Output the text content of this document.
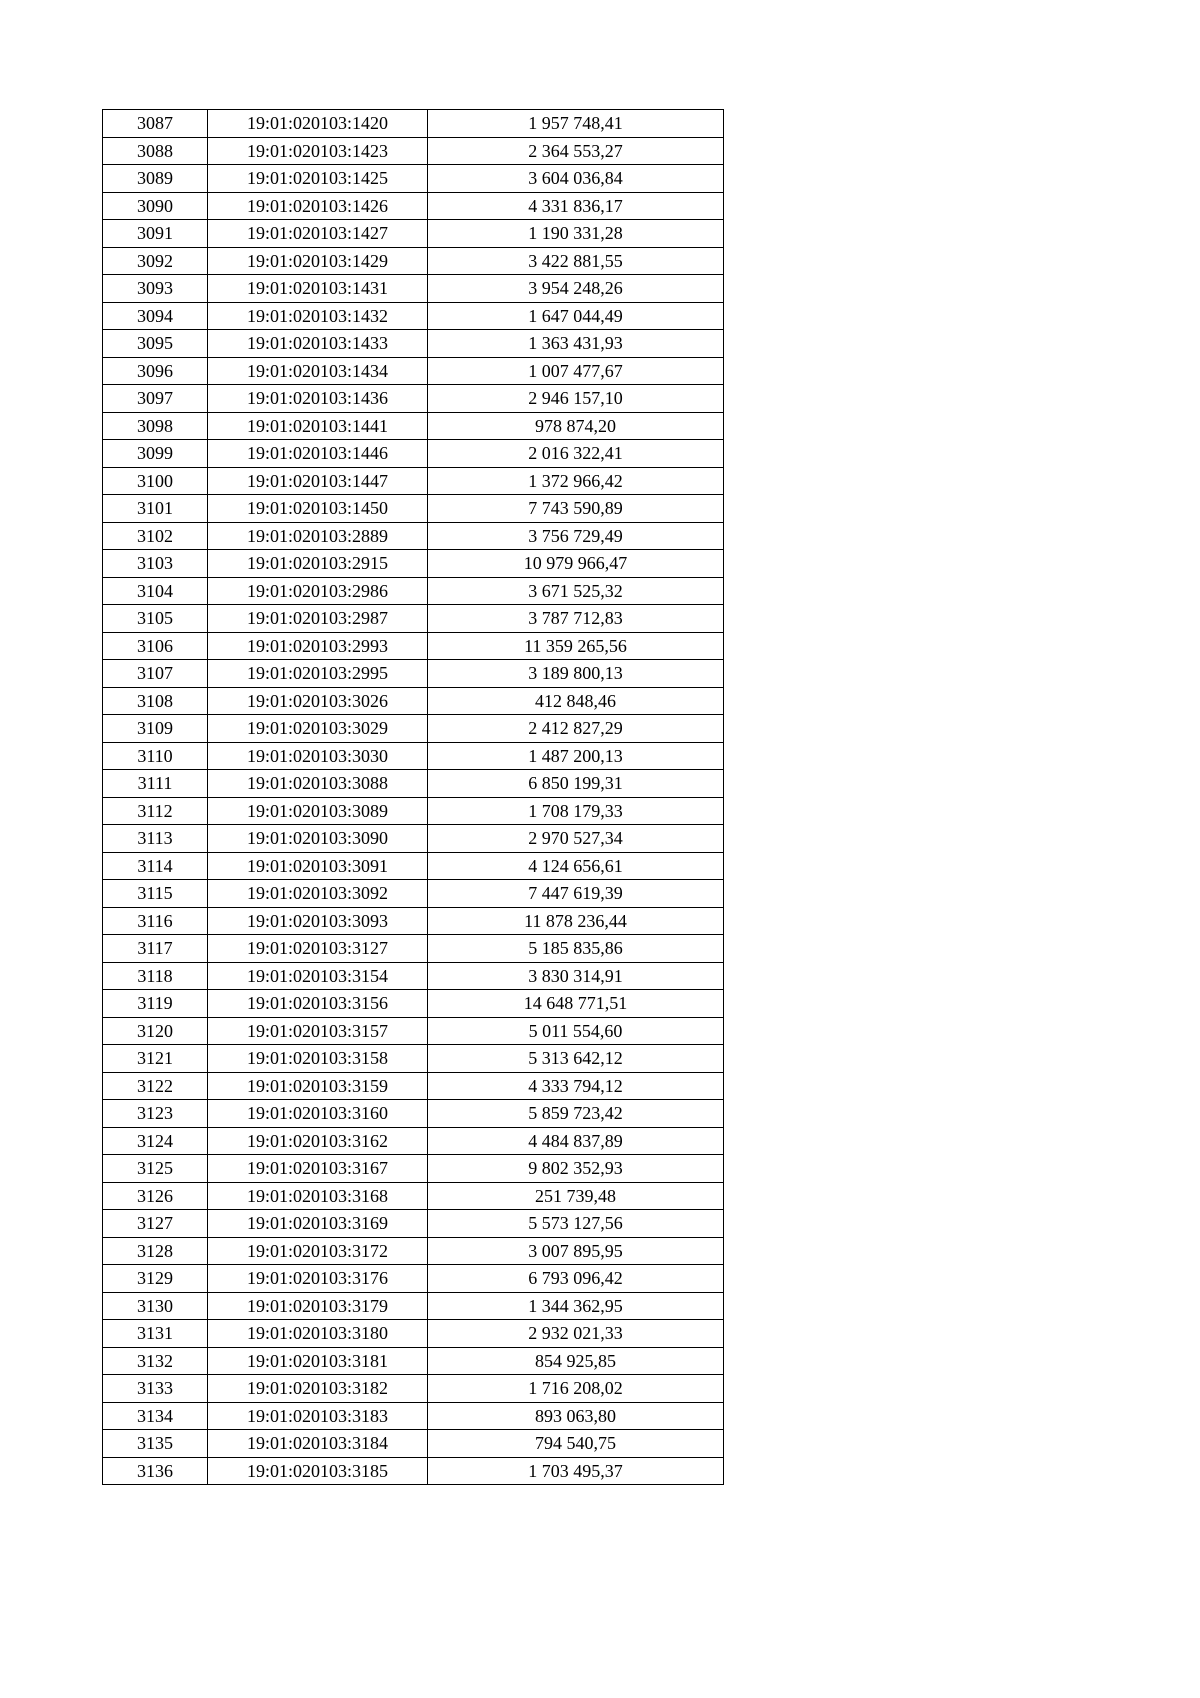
3087	19:01:020103:1420	1 957 748,41
3088	19:01:020103:1423	2 364 553,27
3089	19:01:020103:1425	3 604 036,84
3090	19:01:020103:1426	4 331 836,17
3091	19:01:020103:1427	1 190 331,28
3092	19:01:020103:1429	3 422 881,55
3093	19:01:020103:1431	3 954 248,26
3094	19:01:020103:1432	1 647 044,49
3095	19:01:020103:1433	1 363 431,93
3096	19:01:020103:1434	1 007 477,67
3097	19:01:020103:1436	2 946 157,10
3098	19:01:020103:1441	978 874,20
3099	19:01:020103:1446	2 016 322,41
3100	19:01:020103:1447	1 372 966,42
3101	19:01:020103:1450	7 743 590,89
3102	19:01:020103:2889	3 756 729,49
3103	19:01:020103:2915	10 979 966,47
3104	19:01:020103:2986	3 671 525,32
3105	19:01:020103:2987	3 787 712,83
3106	19:01:020103:2993	11 359 265,56
3107	19:01:020103:2995	3 189 800,13
3108	19:01:020103:3026	412 848,46
3109	19:01:020103:3029	2 412 827,29
3110	19:01:020103:3030	1 487 200,13
3111	19:01:020103:3088	6 850 199,31
3112	19:01:020103:3089	1 708 179,33
3113	19:01:020103:3090	2 970 527,34
3114	19:01:020103:3091	4 124 656,61
3115	19:01:020103:3092	7 447 619,39
3116	19:01:020103:3093	11 878 236,44
3117	19:01:020103:3127	5 185 835,86
3118	19:01:020103:3154	3 830 314,91
3119	19:01:020103:3156	14 648 771,51
3120	19:01:020103:3157	5 011 554,60
3121	19:01:020103:3158	5 313 642,12
3122	19:01:020103:3159	4 333 794,12
3123	19:01:020103:3160	5 859 723,42
3124	19:01:020103:3162	4 484 837,89
3125	19:01:020103:3167	9 802 352,93
3126	19:01:020103:3168	251 739,48
3127	19:01:020103:3169	5 573 127,56
3128	19:01:020103:3172	3 007 895,95
3129	19:01:020103:3176	6 793 096,42
3130	19:01:020103:3179	1 344 362,95
3131	19:01:020103:3180	2 932 021,33
3132	19:01:020103:3181	854 925,85
3133	19:01:020103:3182	1 716 208,02
3134	19:01:020103:3183	893 063,80
3135	19:01:020103:3184	794 540,75
3136	19:01:020103:3185	1 703 495,37
